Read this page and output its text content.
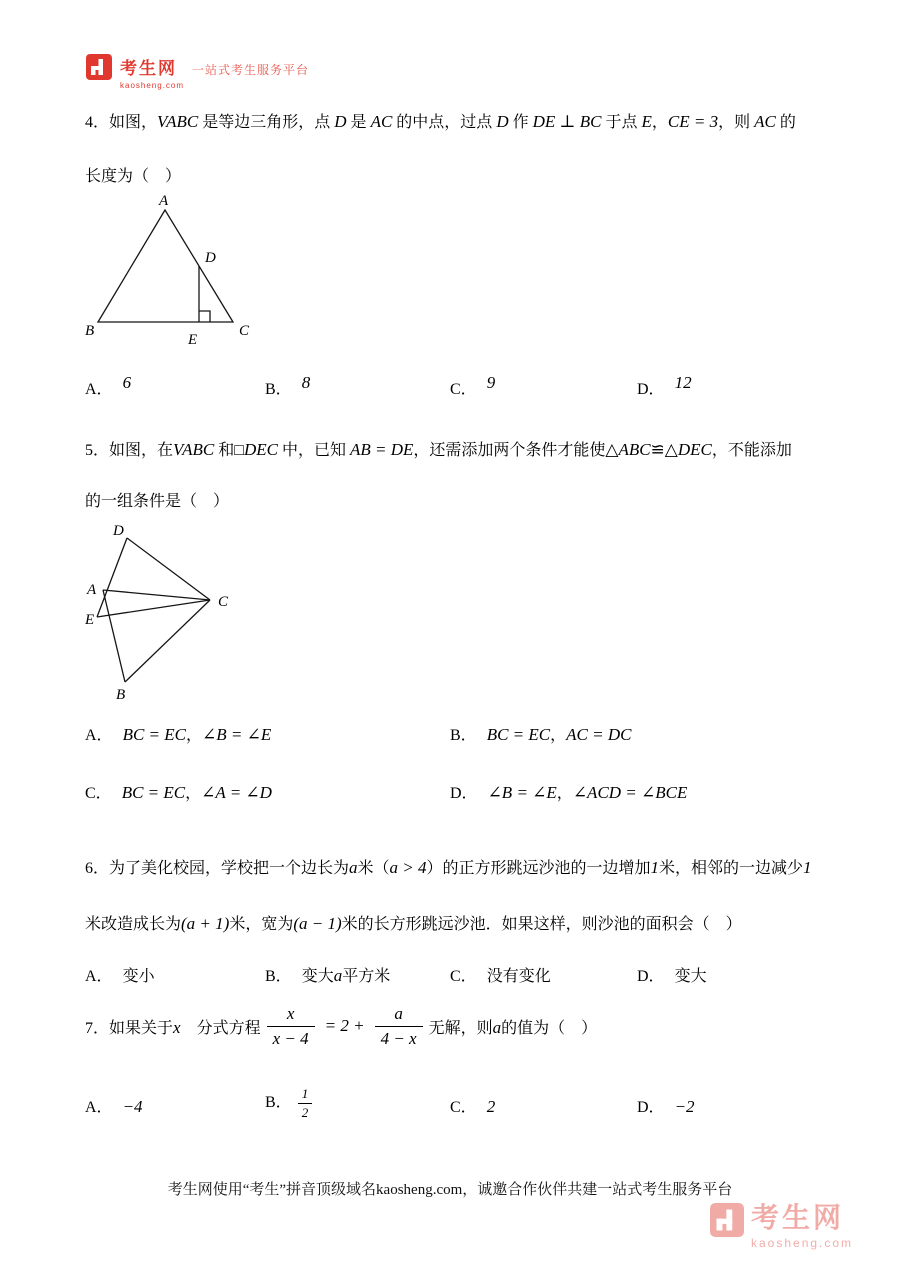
考生网
kaosheng.com
一站式考生服务平台
4．如图，VABC 是等边三角形，点 D 是 AC 的中点，过点 D 作 DE ⊥ BC 于点 E，CE = 3，则 AC 的
长度为（　）
A
B	C
D
E
A． 6	B． 8	C． 9	D． 12
5．如图，在VABC 和□DEC 中，已知 AB = DE，还需添加两个条件才能使△ABC≌△DEC，不能添加
的一组条件是（　）
D
A
E
C
B
A． BC = EC，∠B = ∠E	B． BC = EC，AC = DC
C． BC = EC，∠A = ∠D	D． ∠B = ∠E，∠ACD = ∠BCE
6．为了美化校园，学校把一个边长为a米（a > 4）的正方形跳远沙池的一边增加1米，相邻的一边减少1
米改造成长为(a + 1)米，宽为(a − 1)米的长方形跳远沙池．如果这样，则沙池的面积会（　）
A． 变小	B． 变大a平方米	C． 没有变化	D． 变大
7．如果关于x　分式方程 $\frac{x}{x - 4} = 2 + \frac{a}{4 - x}$ 无解，则a的值为（　）
A． −4	B． $\frac{1}{2}$	C． 2	D． −2
考生网使用“考生”拼音顶级域名kaosheng.com，诚邀合作伙伴共建一站式考生服务平台
考生网
kaosheng.com
